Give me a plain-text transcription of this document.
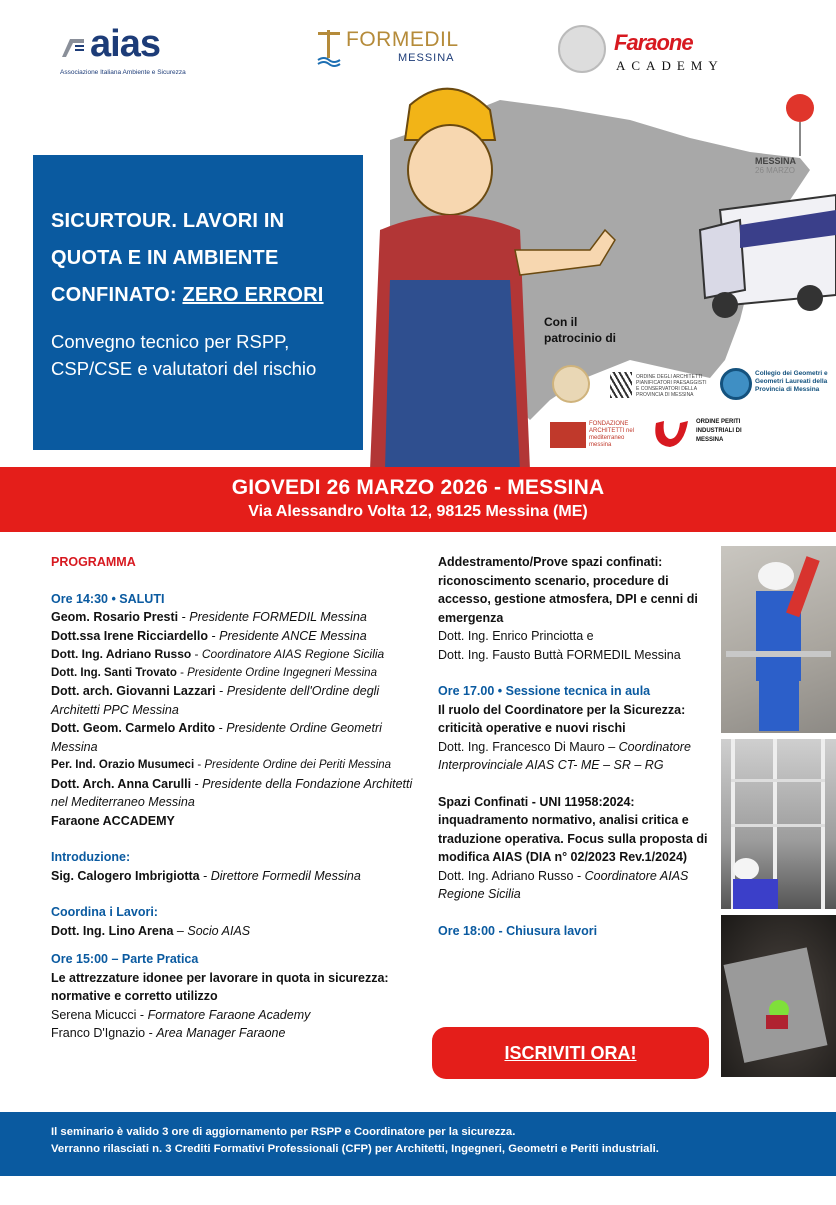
aias
Associazione Italiana Ambiente e Sicurezza
FORMEDIL
MESSINA
Faraone
ACADEMY
MESSINA
26 MARZO
SICURTOUR. LAVORI IN QUOTA E IN AMBIENTE CONFINATO: ZERO ERRORI
Convegno tecnico per RSPP, CSP/CSE e valutatori del rischio
Con il
patrocinio di
ORDINE DEGLI ARCHITETTI PIANIFICATORI PAESAGGISTI E CONSERVATORI DELLA PROVINCIA DI MESSINA
Collegio dei Geometri e Geometri Laureati della Provincia di Messina
FONDAZIONE ARCHITETTI nel mediterraneo messina
ORDINE PERITI INDUSTRIALI DI MESSINA
GIOVEDI 26 MARZO 2026 - MESSINA
Via Alessandro Volta 12, 98125 Messina (ME)
PROGRAMMA
Ore 14:30 • SALUTI
Geom. Rosario Presti - Presidente FORMEDIL Messina
Dott.ssa Irene Ricciardello - Presidente ANCE Messina
Dott. Ing. Adriano Russo - Coordinatore AIAS Regione Sicilia
Dott. Ing. Santi Trovato - Presidente Ordine Ingegneri Messina
Dott. arch. Giovanni Lazzari - Presidente dell'Ordine degli Architetti PPC Messina
Dott. Geom. Carmelo Ardito - Presidente Ordine Geometri Messina
Per. Ind. Orazio Musumeci - Presidente Ordine dei Periti Messina
Dott. Arch. Anna Carulli - Presidente della Fondazione Architetti nel Mediterraneo Messina
Faraone ACCADEMY
Introduzione:
Sig. Calogero Imbrigiotta - Direttore Formedil Messina
Coordina i Lavori:
Dott. Ing. Lino Arena – Socio AIAS
Ore 15:00 – Parte Pratica
Le attrezzature idonee per lavorare in quota in sicurezza: normative e corretto utilizzo
Serena Micucci - Formatore Faraone Academy
Franco D'Ignazio - Area Manager Faraone
Addestramento/Prove spazi confinati: riconoscimento scenario, procedure di accesso, gestione atmosfera, DPI e cenni di emergenza
Dott. Ing. Enrico Princiotta e
Dott. Ing. Fausto Buttà FORMEDIL Messina
Ore 17.00 • Sessione tecnica in aula
Il ruolo del Coordinatore per la Sicurezza: criticità operative e nuovi rischi
Dott. Ing. Francesco Di Mauro – Coordinatore Interprovinciale AIAS CT- ME – SR – RG
Spazi Confinati - UNI 11958:2024: inquadramento normativo, analisi critica e traduzione operativa. Focus sulla proposta di modifica AIAS (DIA n° 02/2023 Rev.1/2024)
Dott. Ing. Adriano Russo - Coordinatore AIAS Regione Sicilia
Ore 18:00 - Chiusura lavori
ISCRIVITI ORA!
Il seminario è valido 3 ore di aggiornamento per RSPP e Coordinatore per la sicurezza.
Verranno rilasciati n. 3 Crediti Formativi Professionali (CFP) per Architetti, Ingegneri, Geometri e Periti industriali.
